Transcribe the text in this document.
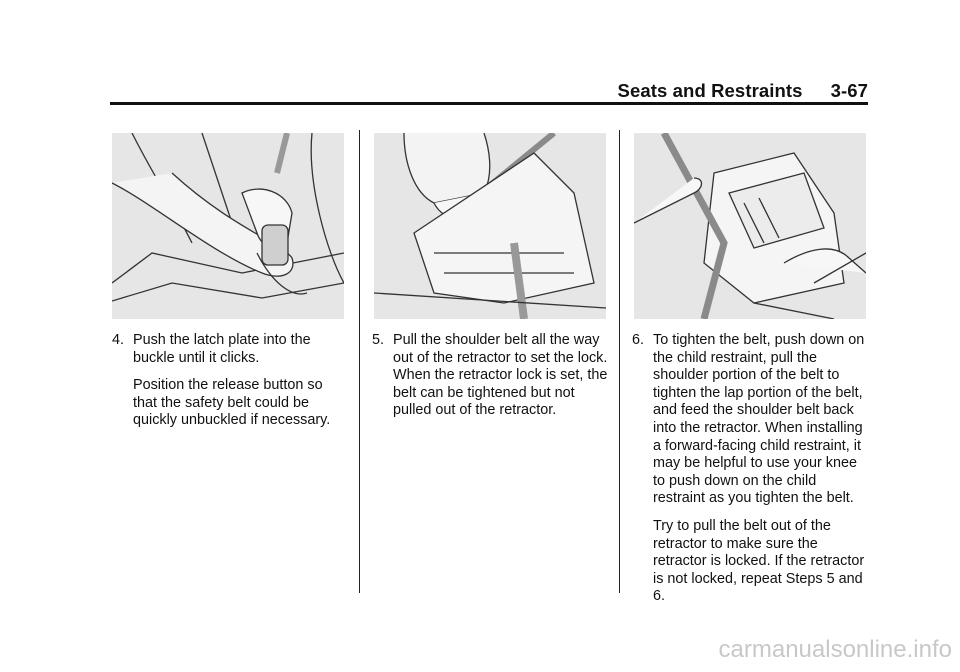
Seats and Restraints 3-67
4. Push the latch plate into the buckle until it clicks.
Position the release button so that the safety belt could be quickly unbuckled if necessary.
5. Pull the shoulder belt all the way out of the retractor to set the lock. When the retractor lock is set, the belt can be tightened but not pulled out of the retractor.
6. To tighten the belt, push down on the child restraint, pull the shoulder portion of the belt to tighten the lap portion of the belt, and feed the shoulder belt back into the retractor. When installing a forward-facing child restraint, it may be helpful to use your knee to push down on the child restraint as you tighten the belt.
Try to pull the belt out of the retractor to make sure the retractor is locked. If the retractor is not locked, repeat Steps 5 and 6.
carmanualsonline.info
